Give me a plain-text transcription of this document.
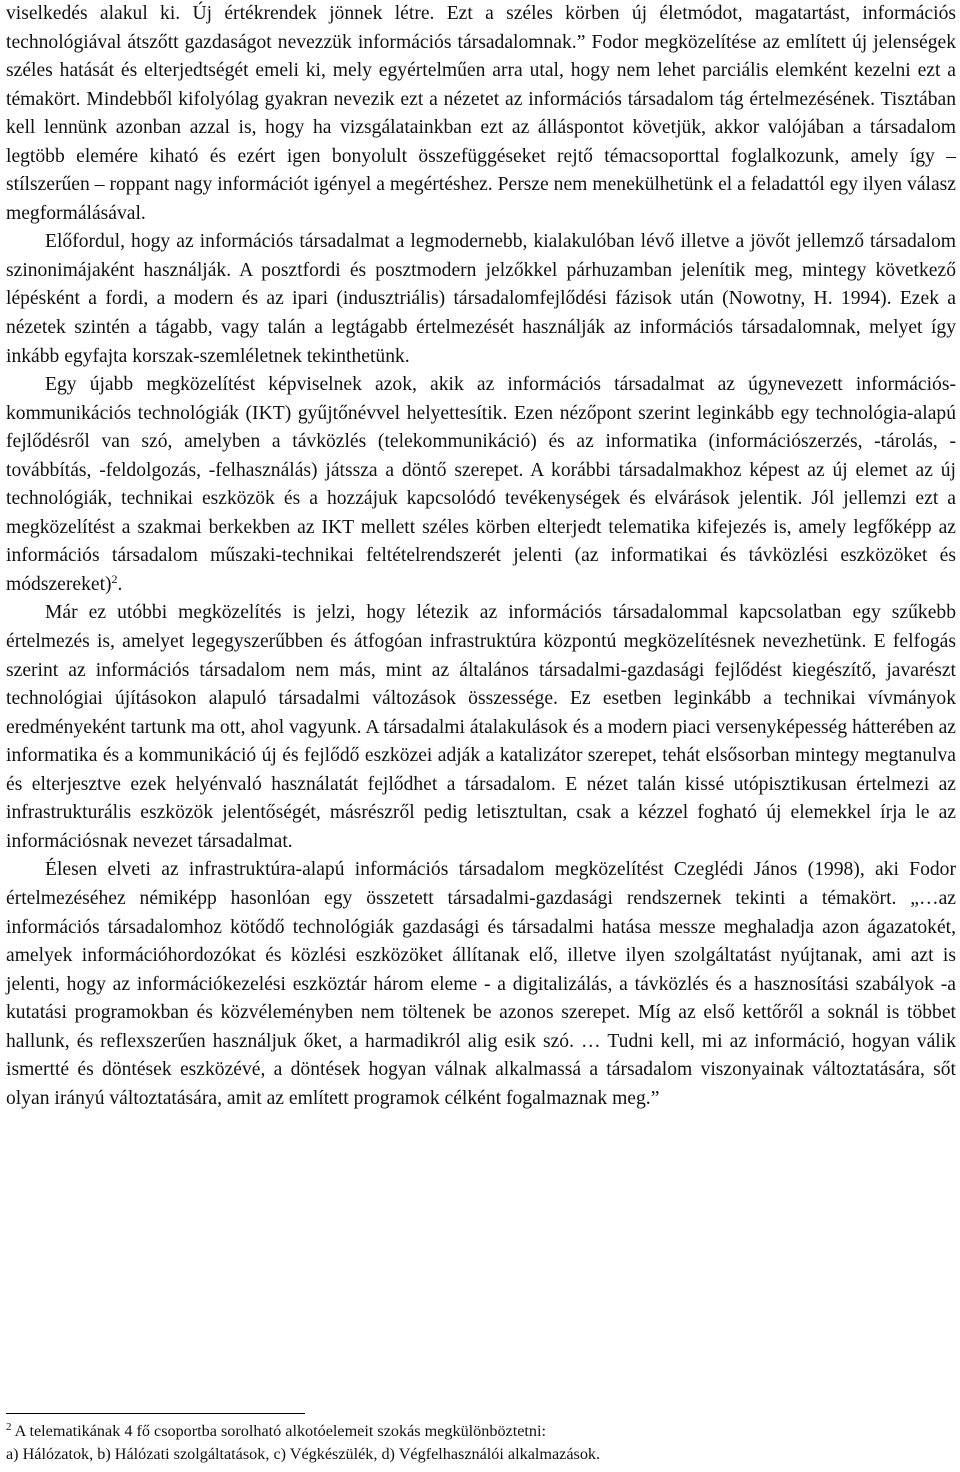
viselkedés alakul ki. Új értékrendek jönnek létre. Ezt a széles körben új életmódot, magatartást, információs technológiával átszőtt gazdaságot nevezzük információs társadalomnak.” Fodor megközelítése az említett új jelenségek széles hatását és elterjedtségét emeli ki, mely egyértelműen arra utal, hogy nem lehet parciális elemként kezelni ezt a témakört. Mindebből kifolyólag gyakran nevezik ezt a nézetet az információs társadalom tág értelmezésének. Tisztában kell lennünk azonban azzal is, hogy ha vizsgálatainkban ezt az álláspontot követjük, akkor valójában a társadalom legtöbb elemére kiható és ezért igen bonyolult összefüggéseket rejtő témacsoporttal foglalkozunk, amely így – stílszerűen – roppant nagy információt igényel a megértéshez. Persze nem menekülhetünk el a feladattól egy ilyen válasz megformálásával.

Előfordul, hogy az információs társadalmat a legmodernebb, kialakulóban lévő illetve a jövőt jellemző társadalom szinonimájaként használják. A posztfordi és posztmodern jelzőkkel párhuzamban jelenítik meg, mintegy következő lépésként a fordi, a modern és az ipari (indusztriális) társadalomfejlődési fázisok után (Nowotny, H. 1994). Ezek a nézetek szintén a tágabb, vagy talán a legtágabb értelmezését használják az információs társadalomnak, melyet így inkább egyfajta korszak-szemléletnek tekinthetünk.

Egy újabb megközelítést képviselnek azok, akik az információs társadalmat az úgynevezett információs-kommunikációs technológiák (IKT) gyűjtőnévvel helyettesítik. Ezen nézőpont szerint leginkább egy technológia-alapú fejlődésről van szó, amelyben a távközlés (telekommunikáció) és az informatika (információszerzés, -tárolás, -továbbítás, -feldolgozás, -felhasználás) játssza a döntő szerepet. A korábbi társadalmakhoz képest az új elemet az új technológiák, technikai eszközök és a hozzájuk kapcsolódó tevékenységek és elvárások jelentik. Jól jellemzi ezt a megközelítést a szakmai berkekben az IKT mellett széles körben elterjedt telematika kifejezés is, amely legfőképp az információs társadalom műszaki-technikai feltételrendszerét jelenti (az informatikai és távközlési eszközöket és módszereket)$^2$.

Már ez utóbbi megközelítés is jelzi, hogy létezik az információs társadalommal kapcsolatban egy szűkebb értelmezés is, amelyet legegyszerűbben és átfogóan infrastruktúra központú megközelítésnek nevezhetünk. E felfogás szerint az információs társadalom nem más, mint az általános társadalmi-gazdasági fejlődést kiegészítő, javarészt technológiai újításokon alapuló társadalmi változások összessége. Ez esetben leginkább a technikai vívmányok eredményeként tartunk ma ott, ahol vagyunk. A társadalmi átalakulások és a modern piaci versenyképesség hátterében az informatika és a kommunikáció új és fejlődő eszközei adják a katalizátor szerepet, tehát elsősorban mintegy megtanulva és elterjesztve ezek helyénvaló használatát fejlődhet a társadalom. E nézet talán kissé utópisztikusan értelmezi az infrastrukturális eszközök jelentőségét, másrészről pedig letisztultan, csak a kézzel fogható új elemekkel írja le az információsnak nevezet társadalmat.

Élesen elveti az infrastruktúra-alapú információs társadalom megközelítést Czeglédi János (1998), aki Fodor értelmezéséhez némiképp hasonlóan egy összetett társadalmi-gazdasági rendszernek tekinti a témakört. „…az információs társadalomhoz kötődő technológiák gazdasági és társadalmi hatása messze meghaladja azon ágazatokét, amelyek információhordozókat és közlési eszközöket állítanak elő, illetve ilyen szolgáltatást nyújtanak, ami azt is jelenti, hogy az információkezelési eszköztár három eleme - a digitalizálás, a távközlés és a hasznosítási szabályok -a kutatási programokban és közvéleményben nem töltenek be azonos szerepet. Míg az első kettőről a soknál is többet hallunk, és reflexszerűen használjuk őket, a harmadikról alig esik szó. … Tudni kell, mi az információ, hogyan válik ismertté és döntések eszközévé, a döntések hogyan válnak alkalmassá a társadalom viszonyainak változtatására, sőt olyan irányú változtatására, amit az említett programok célként fogalmaznak meg.”

$^2$ A telematikának 4 fő csoportba sorolható alkotóelemeit szokás megkülönböztetni:
a) Hálózatok, b) Hálózati szolgáltatások, c) Végkészülék, d) Végfelhasználói alkalmazások.
